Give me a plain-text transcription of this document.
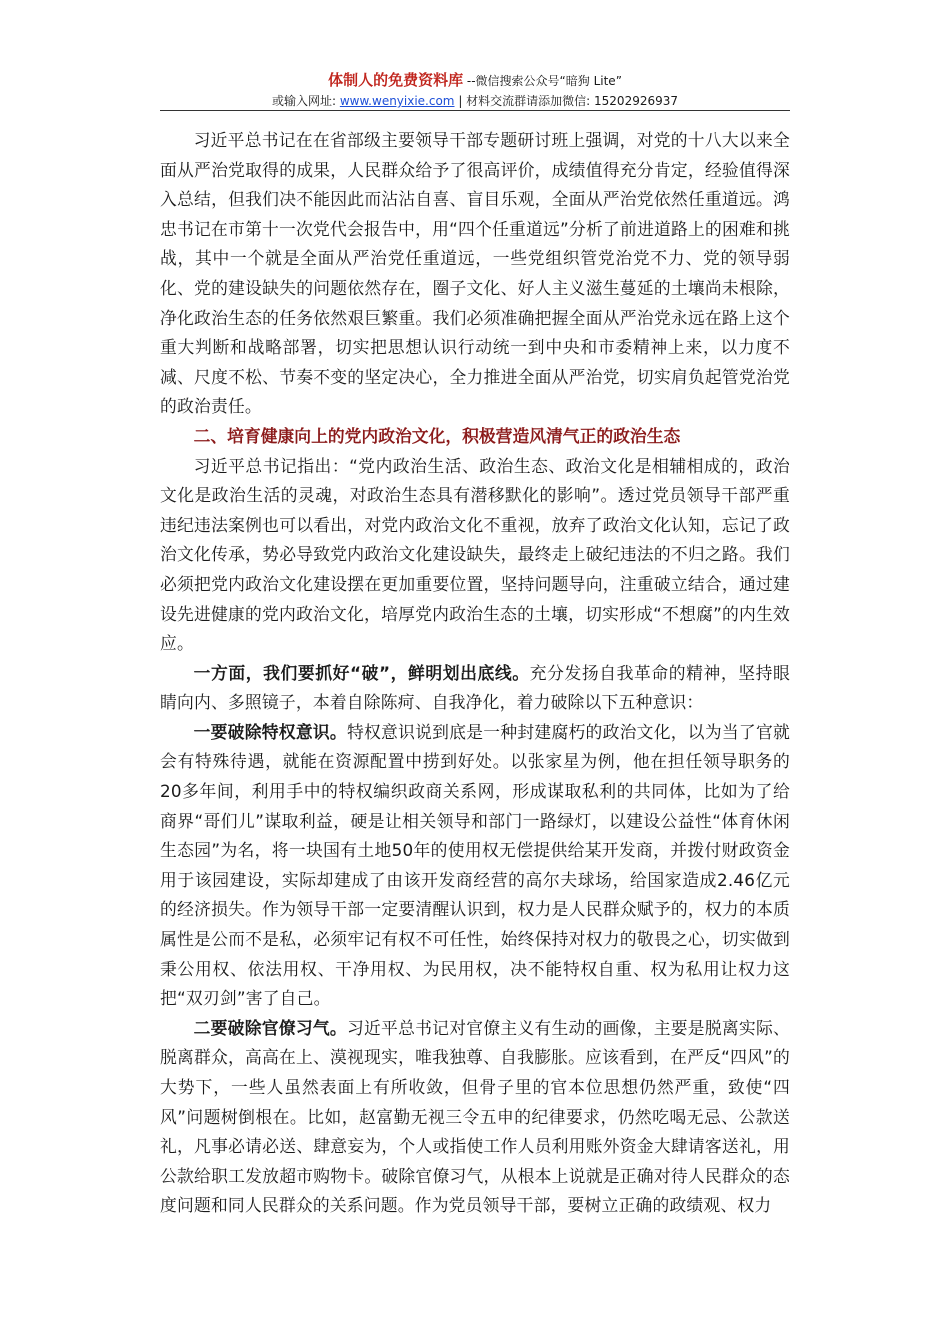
体制人的免费资料库 --微信搜索公众号“暗狗 Lite”
或输入网址: www.wenyixie.com | 材料交流群请添加微信: 15202926937

习近平总书记在在省部级主要领导干部专题研讨班上强调，对党的十八大以来全面从严治党取得的成果，人民群众给予了很高评价，成绩值得充分肯定，经验值得深入总结，但我们决不能因此而沾沾自喜、盲目乐观，全面从严治党依然任重道远。鸿忠书记在市第十一次党代会报告中，用“四个任重道远”分析了前进道路上的困难和挑战，其中一个就是全面从严治党任重道远，一些党组织管党治党不力、党的领导弱化、党的建设缺失的问题依然存在，圈子文化、好人主义滋生蔓延的土壤尚未根除，净化政治生态的任务依然艰巨繁重。我们必须准确把握全面从严治党永远在路上这个重大判断和战略部署，切实把思想认识行动统一到中央和市委精神上来，以力度不减、尺度不松、节奏不变的坚定决心，全力推进全面从严治党，切实肩负起管党治党的政治责任。

二、培育健康向上的党内政治文化，积极营造风清气正的政治生态

习近平总书记指出：“党内政治生活、政治生态、政治文化是相辅相成的，政治文化是政治生活的灵魂，对政治生态具有潜移默化的影响”。透过党员领导干部严重违纪违法案例也可以看出，对党内政治文化不重视，放弃了政治文化认知，忘记了政治文化传承，势必导致党内政治文化建设缺失，最终走上破纪违法的不归之路。我们必须把党内政治文化建设摆在更加重要位置，坚持问题导向，注重破立结合，通过建设先进健康的党内政治文化，培厚党内政治生态的土壤，切实形成“不想腐”的内生效应。

一方面，我们要抓好“破”，鲜明划出底线。充分发扬自我革命的精神，坚持眼睛向内、多照镜子，本着自除陈疴、自我净化，着力破除以下五种意识：

一要破除特权意识。特权意识说到底是一种封建腐朽的政治文化，以为当了官就会有特殊待遇，就能在资源配置中捞到好处。以张家星为例，他在担任领导职务的20多年间，利用手中的特权编织政商关系网，形成谋取私利的共同体，比如为了给商界“哥们儿”谋取利益，硬是让相关领导和部门一路绿灯，以建设公益性“体育休闲生态园”为名，将一块国有土地50年的使用权无偿提供给某开发商，并拨付财政资金用于该园建设，实际却建成了由该开发商经营的高尔夫球场，给国家造成2.46亿元的经济损失。作为领导干部一定要清醒认识到，权力是人民群众赋予的，权力的本质属性是公而不是私，必须牢记有权不可任性，始终保持对权力的敬畏之心，切实做到秉公用权、依法用权、干净用权、为民用权，决不能特权自重、权为私用让权力这把“双刃剑”害了自己。

二要破除官僚习气。习近平总书记对官僚主义有生动的画像，主要是脱离实际、脱离群众，高高在上、漠视现实，唯我独尊、自我膨胀。应该看到，在严反“四风”的大势下，一些人虽然表面上有所收敛，但骨子里的官本位思想仍然严重，致使“四风”问题树倒根在。比如，赵富勤无视三令五申的纪律要求，仍然吃喝无忌、公款送礼，凡事必请必送、肆意妄为，个人或指使工作人员利用账外资金大肆请客送礼，用公款给职工发放超市购物卡。破除官僚习气，从根本上说就是正确对待人民群众的态度问题和同人民群众的关系问题。作为党员领导干部，要树立正确的政绩观、权力
